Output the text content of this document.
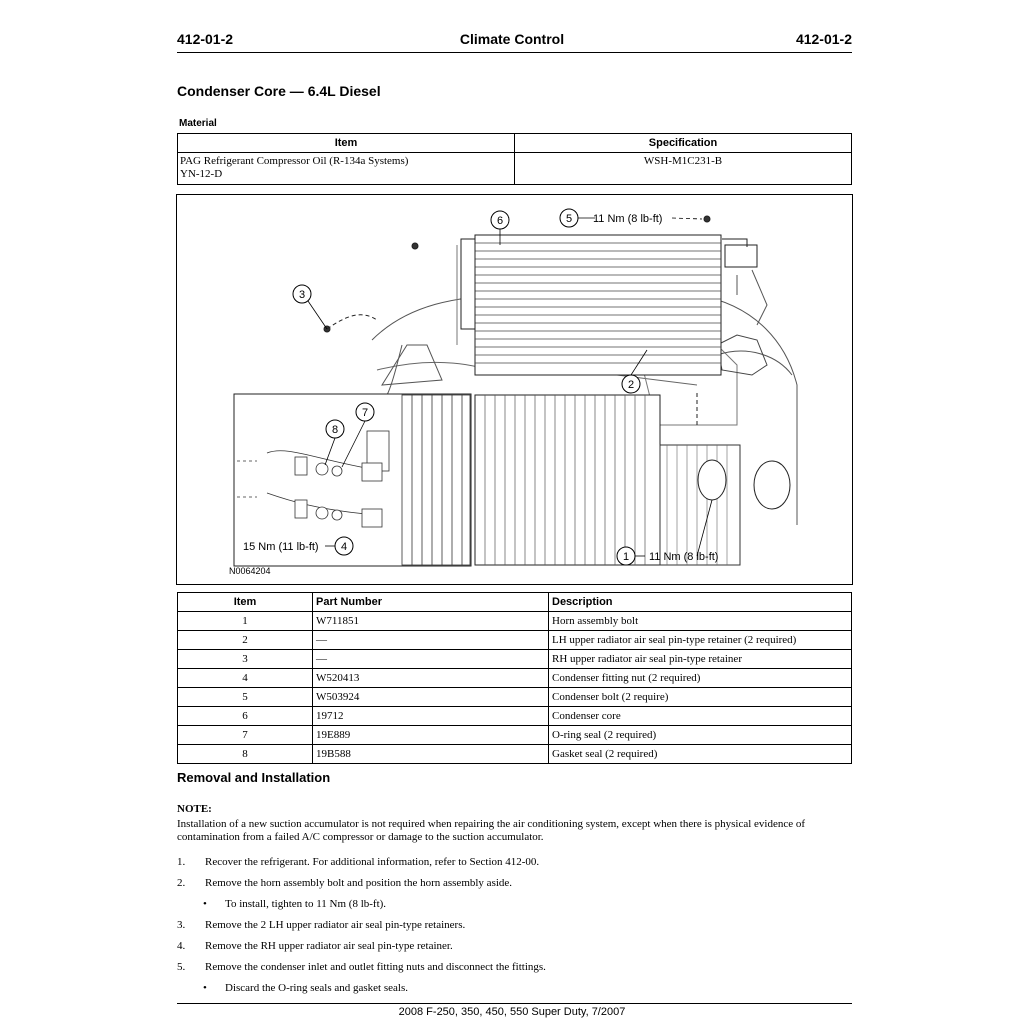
412-01-2	Climate Control	412-01-2
Condenser Core — 6.4L Diesel
Material
Item	Specification

PAG Refrigerant Compressor Oil (R-134a Systems)
YN-12-D	WSH-M1C231-B
6	5
3
2
1
4
7
8
11 Nm (8 lb-ft)
11 Nm (8 lb-ft)
15 Nm (11 lb-ft)
N0064204
Item	Part Number	Description
1	W711851	Horn assembly bolt
2	—	LH upper radiator air seal pin-type retainer (2 required)
3	—	RH upper radiator air seal pin-type retainer
4	W520413	Condenser fitting nut (2 required)
5	W503924	Condenser bolt (2 require)
6	19712	Condenser core
7	19E889	O-ring seal (2 required)
8	19B588	Gasket seal (2 required)
Removal and Installation
NOTE:
Installation of a new suction accumulator is not required when repairing the air conditioning system, except when there is physical evidence of
contamination from a failed A/C compressor or damage to the suction accumulator.
1. Recover the refrigerant. For additional information, refer to Section 412-00.
2. Remove the horn assembly bolt and position the horn assembly aside.
• To install, tighten to 11 Nm (8 lb-ft).
3. Remove the 2 LH upper radiator air seal pin-type retainers.
4. Remove the RH upper radiator air seal pin-type retainer.
5. Remove the condenser inlet and outlet fitting nuts and disconnect the fittings.
• Discard the O-ring seals and gasket seals.
2008 F-250, 350, 450, 550 Super Duty, 7/2007
